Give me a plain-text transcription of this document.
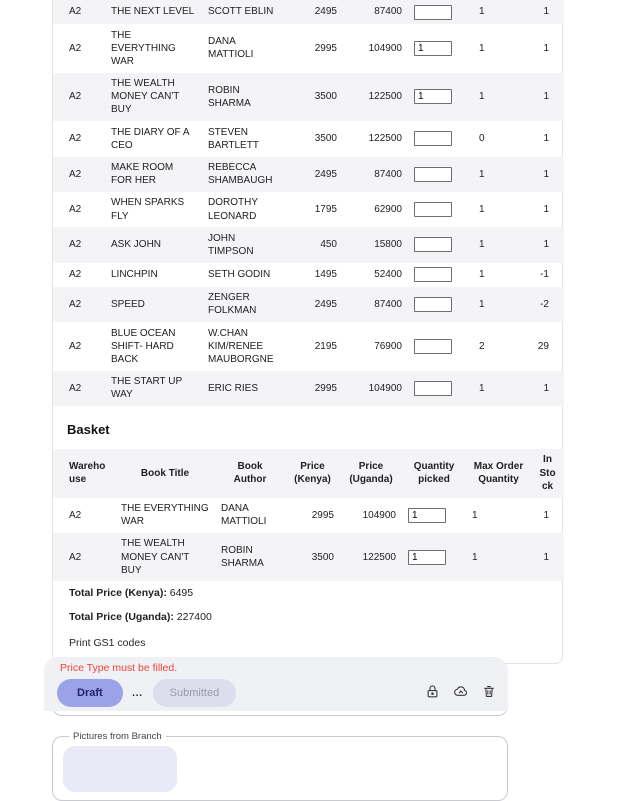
A2	THE NEXT LEVEL	SCOTT EBLIN	2495	87400		1	1
A2	THE EVERYTHING WAR	DANA MATTIOLI	2995	104900	1	1	1
A2	THE WEALTH MONEY CAN'T BUY	ROBIN SHARMA	3500	122500	1	1	1
A2	THE DIARY OF A CEO	STEVEN BARTLETT	3500	122500		0	1
A2	MAKE ROOM FOR HER	REBECCA SHAMBAUGH	2495	87400		1	1
A2	WHEN SPARKS FLY	DOROTHY LEONARD	1795	62900		1	1
A2	ASK JOHN	JOHN TIMPSON	450	15800		1	1
A2	LINCHPIN	SETH GODIN	1495	52400		1	-1
A2	SPEED	ZENGER FOLKMAN	2495	87400		1	-2
A2	BLUE OCEAN SHIFT- HARD BACK	W.CHAN KIM/RENEE MAUBORGNE	2195	76900		2	29
A2	THE START UP WAY	ERIC RIES	2995	104900		1	1
Basket
Warehouse	Book Title	Book Author	Price (Kenya)	Price (Uganda)	Quantity picked	Max Order Quantity	In Stock
A2	THE EVERYTHING WAR	DANA MATTIOLI	2995	104900	1	1	1
A2	THE WEALTH MONEY CAN'T BUY	ROBIN SHARMA	3500	122500	1	1	1

Total Price (Kenya): 6495

Total Price (Uganda): 227400

Print GS1 codes
Pictures from Branch
Price Type must be filled.
Draft	…	Submitted
